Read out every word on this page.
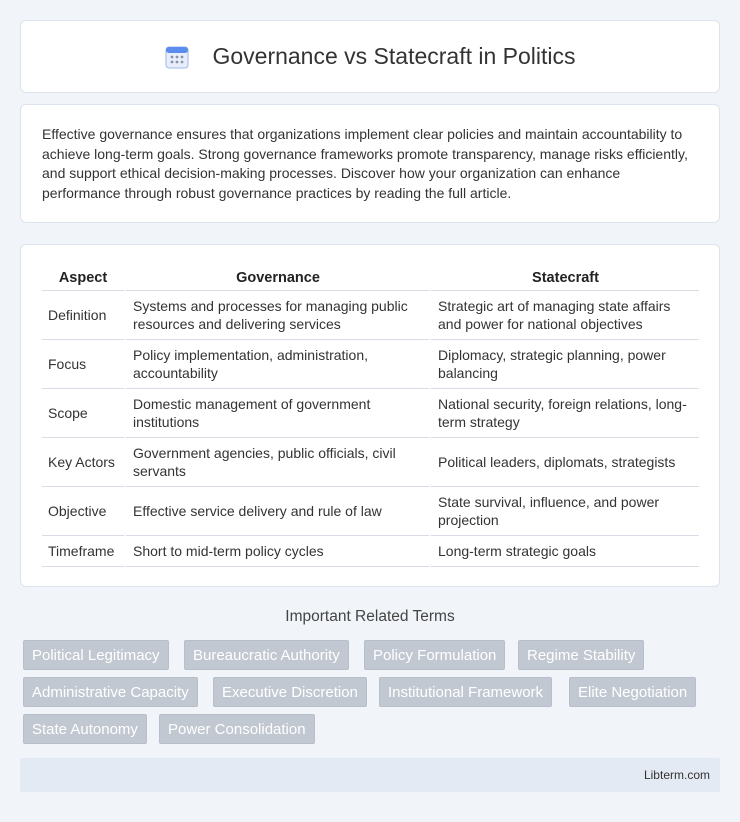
Governance vs Statecraft in Politics

Effective governance ensures that organizations implement clear policies and maintain accountability to achieve long-term goals. Strong governance frameworks promote transparency, manage risks efficiently, and support ethical decision-making processes. Discover how your organization can enhance performance through robust governance practices by reading the full article.

Aspect	Governance	Statecraft
Definition	Systems and processes for managing public resources and delivering services	Strategic art of managing state affairs and power for national objectives
Focus	Policy implementation, administration, accountability	Diplomacy, strategic planning, power balancing
Scope	Domestic management of government institutions	National security, foreign relations, long-term strategy
Key Actors	Government agencies, public officials, civil servants	Political leaders, diplomats, strategists
Objective	Effective service delivery and rule of law	State survival, influence, and power projection
Timeframe	Short to mid-term policy cycles	Long-term strategic goals
Important Related Terms
Political Legitimacy	Bureaucratic Authority	Policy Formulation	Regime Stability
Administrative Capacity	Executive Discretion	Institutional Framework	Elite Negotiation
State Autonomy	Power Consolidation
Libterm.com
